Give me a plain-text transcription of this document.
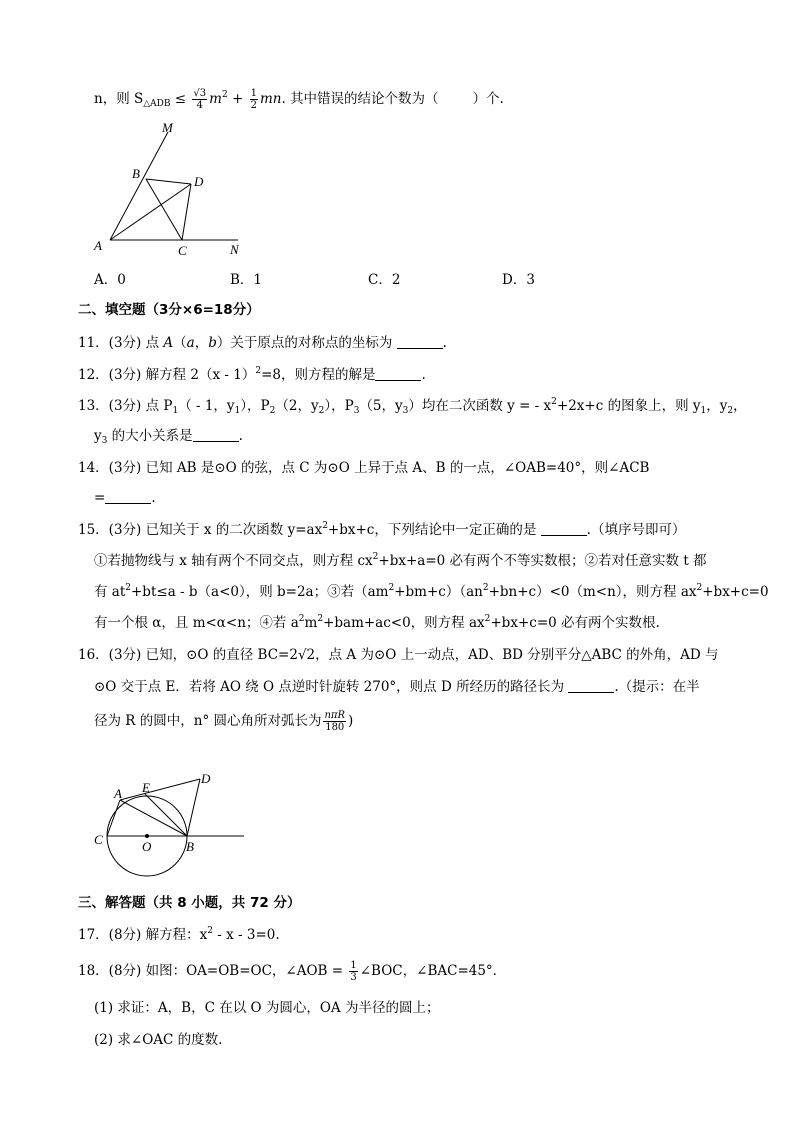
n，则 $S_{\triangle ADB} \le \frac{√3}{4} m^2 + \frac{1}{2}$ mn. 其中错误的结论个数为（	）个.
M
B
D
A	C	N
A．0	B．1	C．2	D．3
二、填空题（3分×6=18分）
11．(3分) 点 A（a，b）关于原点的对称点的坐标为	.
12．(3分) 解方程 2（x - 1）$^2$=8，则方程的解是	.
13．(3分) 点 $P_1( - 1$，$y_1$），$P_2(2$，$y_2$），$P_3(5$，$y_3$）均在二次函数 y = - $x^2+2x+c$ 的图象上，则 $y_1$，$y_2$，
$y_3$ 的大小关系是	.
14．(3分) 已知 AB 是⊙O 的弦，点 C 为⊙O 上异于点 A、B 的一点，∠OAB=40°，则∠ACB
=	.
15．(3分) 已知关于 x 的二次函数 $y=ax^2+bx+c$，下列结论中一定正确的是	.（填序号即可）
①若抛物线与 x 轴有两个不同交点，则方程 $cx^2+bx+a=0$ 必有两个不等实数根；②若对任意实数 t 都
有 $at^2+bt\le a - b(a<0)$，则 b=2a；③若$(am^2+bm+c)(an^2+bn+c)<0(m<n)$，则方程 $ax^2+bx+c=0$
有一个根 α，且 m<α<n；④若 $a^2m^2+bam+ac<0$，则方程 $ax^2+bx+c=0$ 必有两个实数根.
16．(3分) 已知，⊙O 的直径 BC=2√2，点 A 为⊙O 上一动点，AD、BD 分别平分△ABC 的外角，AD 与
⊙O 交于点 E．若将 AO 绕 O 点逆时针旋转 270°，则点 D 所经历的路径长为	.（提示：在半
径为 R 的圆中，n° 圆心角所对弧长为 $\frac{\text{nπR}}{180}$ )
A E
D
C	O	B
三、解答题（共 8 小题，共 72 分）
17．(8分) 解方程：$x^2 - x - 3=0$.
18．(8分) 如图：OA=OB=OC，∠AOB = $\frac{1}{3}$ ∠BOC，∠BAC=45°．
(1) 求证：A，B，C 在以 O 为圆心，OA 为半径的圆上；
(2) 求∠OAC 的度数.
